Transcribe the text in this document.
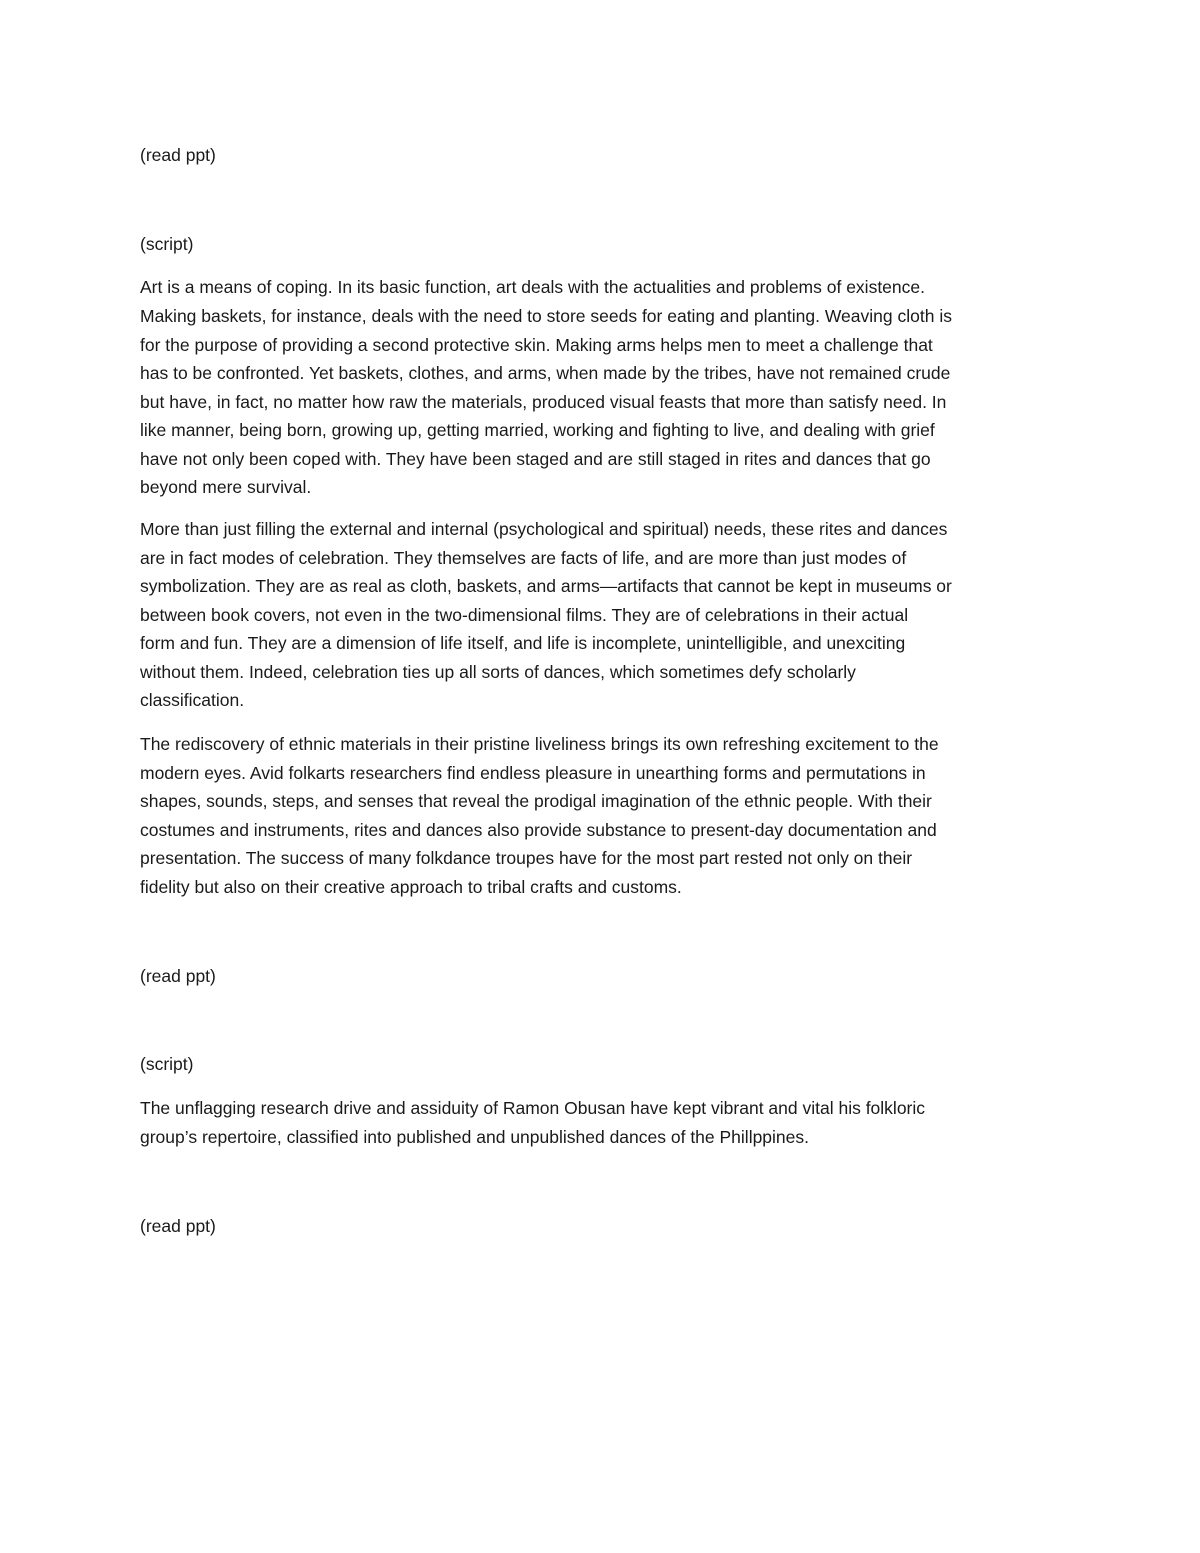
(read ppt)

(script)

Art is a means of coping. In its basic function, art deals with the actualities and problems of existence.

Making baskets, for instance, deals with the need to store seeds for eating and planting. Weaving cloth is

for the purpose of providing a second protective skin. Making arms helps men to meet a challenge that

has to be confronted. Yet baskets, clothes, and arms, when made by the tribes, have not remained crude

but have, in fact, no matter how raw the materials, produced visual feasts that more than satisfy need. In

like manner, being born, growing up, getting married, working and fighting to live, and dealing with grief

have not only been coped with. They have been staged and are still staged in rites and dances that go

beyond mere survival.

More than just filling the external and internal (psychological and spiritual) needs, these rites and dances

are in fact modes of celebration. They themselves are facts of life, and are more than just modes of

symbolization. They are as real as cloth, baskets, and arms—artifacts that cannot be kept in museums or

between book covers, not even in the two-dimensional films. They are of celebrations in their actual

form and fun. They are a dimension of life itself, and life is incomplete, unintelligible, and unexciting

without them. Indeed, celebration ties up all sorts of dances, which sometimes defy scholarly

classification.

The rediscovery of ethnic materials in their pristine liveliness brings its own refreshing excitement to the

modern eyes. Avid folkarts researchers find endless pleasure in unearthing forms and permutations in

shapes, sounds, steps, and senses that reveal the prodigal imagination of the ethnic people. With their

costumes and instruments, rites and dances also provide substance to present-day documentation and

presentation. The success of many folkdance troupes have for the most part rested not only on their

fidelity but also on their creative approach to tribal crafts and customs.

(read ppt)

(script)

The unflagging research drive and assiduity of Ramon Obusan have kept vibrant and vital his folkloric

group’s repertoire, classified into published and unpublished dances of the Phillppines.

(read ppt)
